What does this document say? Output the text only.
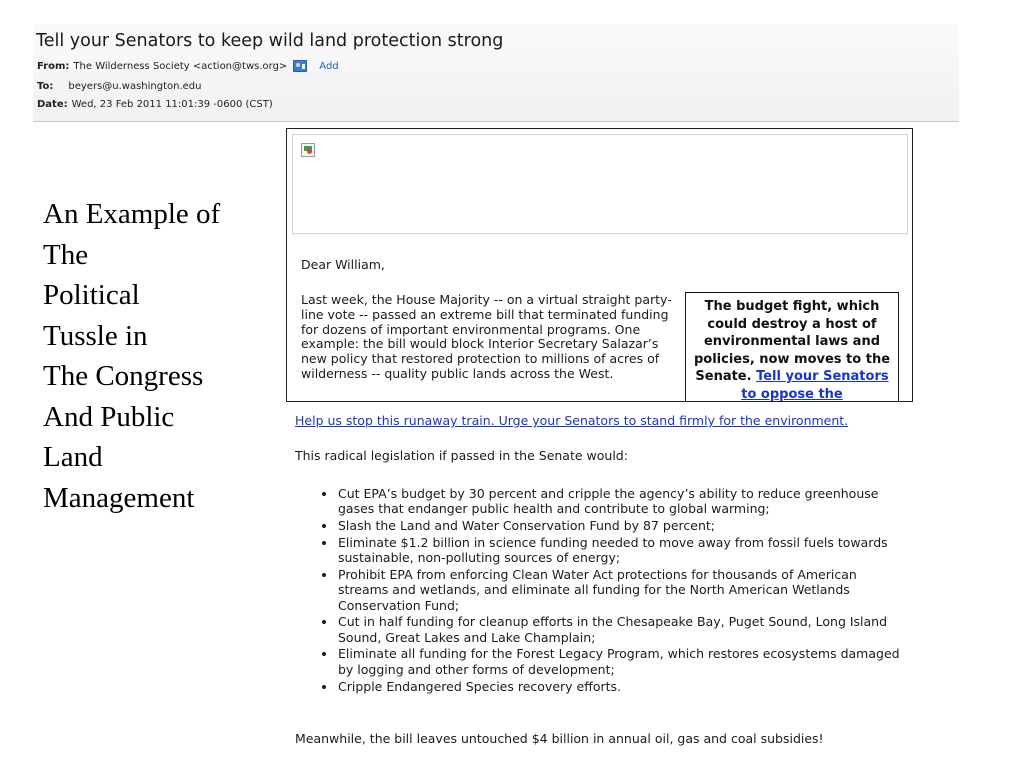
Tell your Senators to keep wild land protection strong
From: The Wilderness Society <action@tws.org>	Add
To: beyers@u.washington.edu
Date: Wed, 23 Feb 2011 11:01:39 -0600 (CST)
An Example of
The
Political
Tussle in
The Congress
And Public
Land
Management
Dear William,
Last week, the House Majority -- on a virtual straight party-line vote -- passed an extreme bill that terminated funding for dozens of important environmental programs. One example: the bill would block Interior Secretary Salazar’s new policy that restored protection to millions of acres of wilderness -- quality public lands across the West.
The budget fight, which could destroy a host of environmental laws and policies, now moves to the Senate. Tell your Senators to oppose the
Help us stop this runaway train. Urge your Senators to stand firmly for the environment.
This radical legislation if passed in the Senate would:
Cut EPA’s budget by 30 percent and cripple the agency’s ability to reduce greenhouse gases that endanger public health and contribute to global warming;
Slash the Land and Water Conservation Fund by 87 percent;
Eliminate $1.2 billion in science funding needed to move away from fossil fuels towards sustainable, non-polluting sources of energy;
Prohibit EPA from enforcing Clean Water Act protections for thousands of American streams and wetlands, and eliminate all funding for the North American Wetlands Conservation Fund;
Cut in half funding for cleanup efforts in the Chesapeake Bay, Puget Sound, Long Island Sound, Great Lakes and Lake Champlain;
Eliminate all funding for the Forest Legacy Program, which restores ecosystems damaged by logging and other forms of development;
Cripple Endangered Species recovery efforts.
Meanwhile, the bill leaves untouched $4 billion in annual oil, gas and coal subsidies!
